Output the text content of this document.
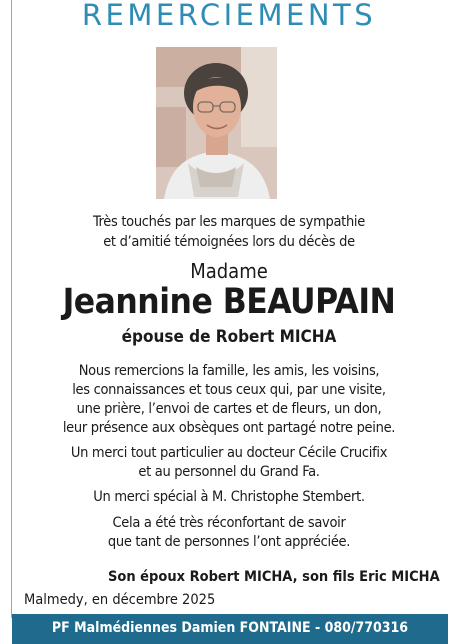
REMERCIEMENTS
Très touchés par les marques de sympathie
et d’amitié témoignées lors du décès de
Madame
Jeannine BEAUPAIN
épouse de Robert MICHA
Nous remercions la famille, les amis, les voisins,
les connaissances et tous ceux qui, par une visite,
une prière, l’envoi de cartes et de fleurs, un don,
leur présence aux obsèques ont partagé notre peine.
Un merci tout particulier au docteur Cécile Crucifix
et au personnel du Grand Fa.
Un merci spécial à M. Christophe Stembert.
Cela a été très réconfortant de savoir
que tant de personnes l’ont appréciée.
Son époux Robert MICHA, son fils Eric MICHA
Malmedy, en décembre 2025
PF Malmédiennes Damien FONTAINE - 080/770316
